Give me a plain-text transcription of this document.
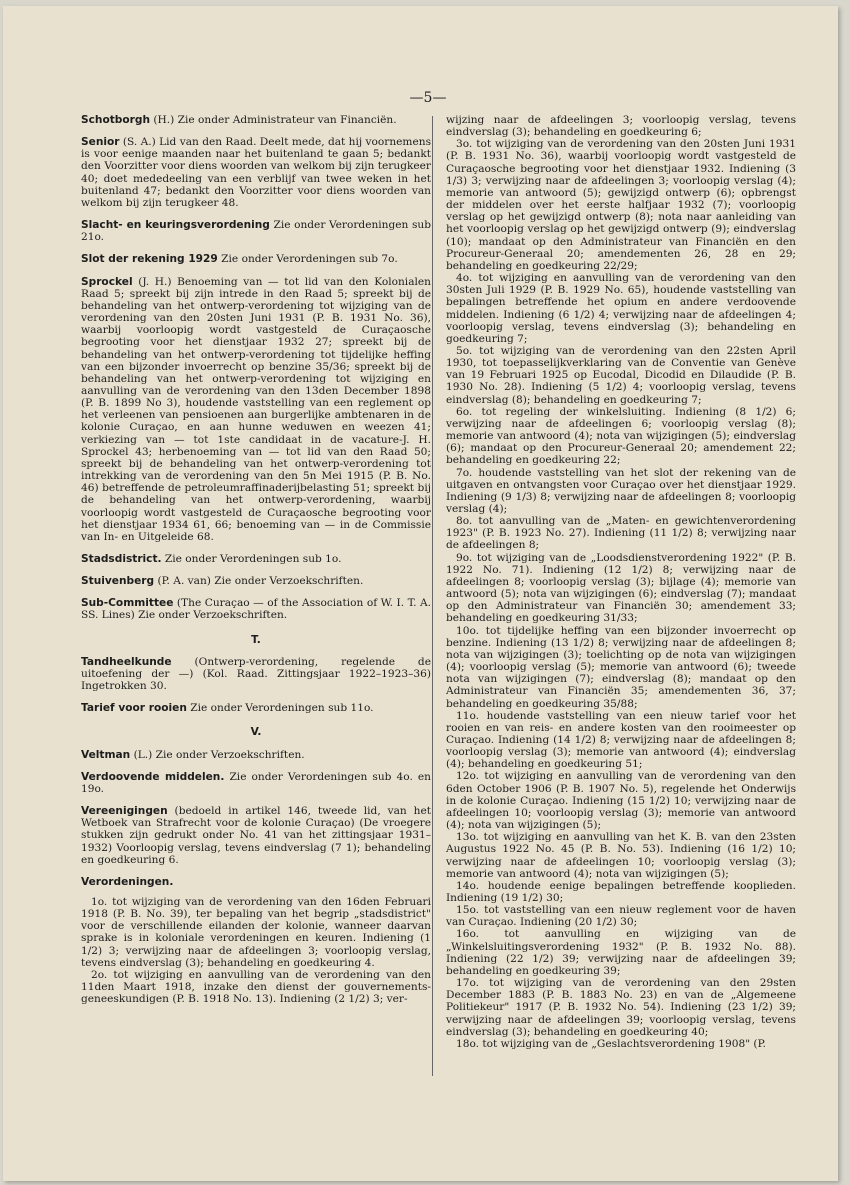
—5—

Schotborgh (H.) Zie onder Administrateur van Financiën.

Senior (S. A.) Lid van den Raad. Deelt mede, dat hij voornemens is voor eenige maanden naar het buitenland te gaan 5; bedankt den Voorzitter voor diens woorden van welkom bij zijn terugkeer 40; doet mededeeling van een verblijf van twee weken in het buitenland 47; bedankt den Voorzitter voor diens woorden van welkom bij zijn terugkeer 48.

Slacht- en keuringsverordening Zie onder Verordeningen sub 21o.

Slot der rekening 1929 Zie onder Verordeningen sub 7o.

Sprockel (J. H.) Benoeming van — tot lid van den Kolonialen Raad 5; spreekt bij zijn intrede in den Raad 5; spreekt bij de behandeling van het ontwerp-verordening tot wijziging van de verordening van den 20sten Juni 1931 (P. B. 1931 No. 36), waarbij voorloopig wordt vastgesteld de Curaçaosche begrooting voor het dienstjaar 1932 27; spreekt bij de behandeling van het ontwerp-verordening tot tijdelijke heffing van een bijzonder invoerrecht op benzine 35/36; spreekt bij de behandeling van het ontwerp-verordening tot wijziging en aanvulling van de verordening van den 13den December 1898 (P. B. 1899 No 3), houdende vaststelling van een reglement op het verleenen van pensioenen aan burgerlijke ambtenaren in de kolonie Curaçao, en aan hunne weduwen en weezen 41; verkiezing van — tot 1ste candidaat in de vacature-J. H. Sprockel 43; herbenoeming van — tot lid van den Raad 50; spreekt bij de behandeling van het ontwerp-verordening tot intrekking van de verordening van den 5n Mei 1915 (P. B. No. 46) betreffende de petroleumraffinaderijbelasting 51; spreekt bij de behandeling van het ontwerp-verordening, waarbij voorloopig wordt vastgesteld de Curaçaosche begrooting voor het dienstjaar 1934 61, 66; benoeming van — in de Commissie van In- en Uitgeleide 68.

Stadsdistrict. Zie onder Verordeningen sub 1o.

Stuivenberg (P. A. van) Zie onder Verzoekschriften.

Sub-Committee (The Curaçao — of the Association of W. I. T. A. SS. Lines) Zie onder Verzoekschriften.

T.

Tandheelkunde (Ontwerp-verordening, regelende de uitoefening der —) (Kol. Raad. Zittingsjaar 1922–1923–36) Ingetrokken 30.

Tarief voor rooien Zie onder Verordeningen sub 11o.

V.

Veltman (L.) Zie onder Verzoekschriften.

Verdoovende middelen. Zie onder Verordeningen sub 4o. en 19o.

Vereenigingen (bedoeld in artikel 146, tweede lid, van het Wetboek van Strafrecht voor de kolonie Curaçao) (De vroegere stukken zijn gedrukt onder No. 41 van het zittingsjaar 1931–1932) Voorloopig verslag, tevens eindverslag (7 1); behandeling en goedkeuring 6.

Verordeningen.

1o. tot wijziging van de verordening van den 16den Februari 1918 (P. B. No. 39), ter bepaling van het begrip „stadsdistrict" voor de verschillende eilanden der kolonie, wanneer daarvan sprake is in koloniale verordeningen en keuren. Indiening (1 1/2) 3; verwijzing naar de afdeelingen 3; voorloopig verslag, tevens eindverslag (3); behandeling en goedkeuring 4.

2o. tot wijziging en aanvulling van de verordening van den 11den Maart 1918, inzake den dienst der gouvernements-geneeskundigen (P. B. 1918 No. 13). Indiening (2 1/2) 3; ver-

wijzing naar de afdeelingen 3; voorloopig verslag, tevens eindverslag (3); behandeling en goedkeuring 6;

3o. tot wijziging van de verordening van den 20sten Juni 1931 (P. B. 1931 No. 36), waarbij voorloopig wordt vastgesteld de Curaçaosche begrooting voor het dienstjaar 1932. Indiening (3 1/3) 3; verwijzing naar de afdeelingen 3; voorloopig verslag (4); memorie van antwoord (5); gewijzigd ontwerp (6); opbrengst der middelen over het eerste halfjaar 1932 (7); voorloopig verslag op het gewijzigd ontwerp (8); nota naar aanleiding van het voorloopig verslag op het gewijzigd ontwerp (9); eindverslag (10); mandaat op den Administrateur van Financiën en den Procureur-Generaal 20; amendementen 26, 28 en 29; behandeling en goedkeuring 22/29;

4o. tot wijziging en aanvulling van de verordening van den 30sten Juli 1929 (P. B. 1929 No. 65), houdende vaststelling van bepalingen betreffende het opium en andere verdoovende middelen. Indiening (6 1/2) 4; verwijzing naar de afdeelingen 4; voorloopig verslag, tevens eindverslag (3); behandeling en goedkeuring 7;

5o. tot wijziging van de verordening van den 22sten April 1930, tot toepasselijkverklaring van de Conventie van Genève van 19 Februari 1925 op Eucodal, Dicodid en Dilaudide (P. B. 1930 No. 28). Indiening (5 1/2) 4; voorloopig verslag, tevens eindverslag (8); behandeling en goedkeuring 7;

6o. tot regeling der winkelsluiting. Indiening (8 1/2) 6; verwijzing naar de afdeelingen 6; voorloopig verslag (8); memorie van antwoord (4); nota van wijzigingen (5); eindverslag (6); mandaat op den Procureur-Generaal 20; amendement 22; behandeling en goedkeuring 22;

7o. houdende vaststelling van het slot der rekening van de uitgaven en ontvangsten voor Curaçao over het dienstjaar 1929. Indiening (9 1/3) 8; verwijzing naar de afdeelingen 8; voorloopig verslag (4);

8o. tot aanvulling van de „Maten- en gewichtenverordening 1923" (P. B. 1923 No. 27). Indiening (11 1/2) 8; verwijzing naar de afdeelingen 8;

9o. tot wijziging van de „Loodsdienstverordening 1922" (P. B. 1922 No. 71). Indiening (12 1/2) 8; verwijzing naar de afdeelingen 8; voorloopig verslag (3); bijlage (4); memorie van antwoord (5); nota van wijzigingen (6); eindverslag (7); mandaat op den Administrateur van Financiën 30; amendement 33; behandeling en goedkeuring 31/33;

10o. tot tijdelijke heffing van een bijzonder invoerrecht op benzine. Indiening (13 1/2) 8; verwijzing naar de afdeelingen 8; nota van wijzigingen (3); toelichting op de nota van wijzigingen (4); voorloopig verslag (5); memorie van antwoord (6); tweede nota van wijzigingen (7); eindverslag (8); mandaat op den Administrateur van Financiën 35; amendementen 36, 37; behandeling en goedkeuring 35/88;

11o. houdende vaststelling van een nieuw tarief voor het rooien en van reis- en andere kosten van den rooimeester op Curaçao. Indiening (14 1/2) 8; verwijzing naar de afdeelingen 8; voorloopig verslag (3); memorie van antwoord (4); eindverslag (4); behandeling en goedkeuring 51;

12o. tot wijziging en aanvulling van de verordening van den 6den October 1906 (P. B. 1907 No. 5), regelende het Onderwijs in de kolonie Curaçao. Indiening (15 1/2) 10; verwijzing naar de afdeelingen 10; voorloopig verslag (3); memorie van antwoord (4); nota van wijzigingen (5);

13o. tot wijziging en aanvulling van het K. B. van den 23sten Augustus 1922 No. 45 (P. B. No. 53). Indiening (16 1/2) 10; verwijzing naar de afdeelingen 10; voorloopig verslag (3); memorie van antwoord (4); nota van wijzigingen (5);

14o. houdende eenige bepalingen betreffende kooplieden. Indiening (19 1/2) 30;

15o. tot vaststelling van een nieuw reglement voor de haven van Curaçao. Indiening (20 1/2) 30;

16o. tot aanvulling en wijziging van de „Winkelsluitingsverordening 1932" (P. B. 1932 No. 88). Indiening (22 1/2) 39; verwijzing naar de afdeelingen 39; behandeling en goedkeuring 39;

17o. tot wijziging van de verordening van den 29sten December 1883 (P. B. 1883 No. 23) en van de „Algemeene Politiekeur" 1917 (P. B. 1932 No. 54). Indiening (23 1/2) 39; verwijzing naar de afdeelingen 39; voorloopig verslag, tevens eindverslag (3); behandeling en goedkeuring 40;

18o. tot wijziging van de „Geslachtsverordening 1908" (P.
